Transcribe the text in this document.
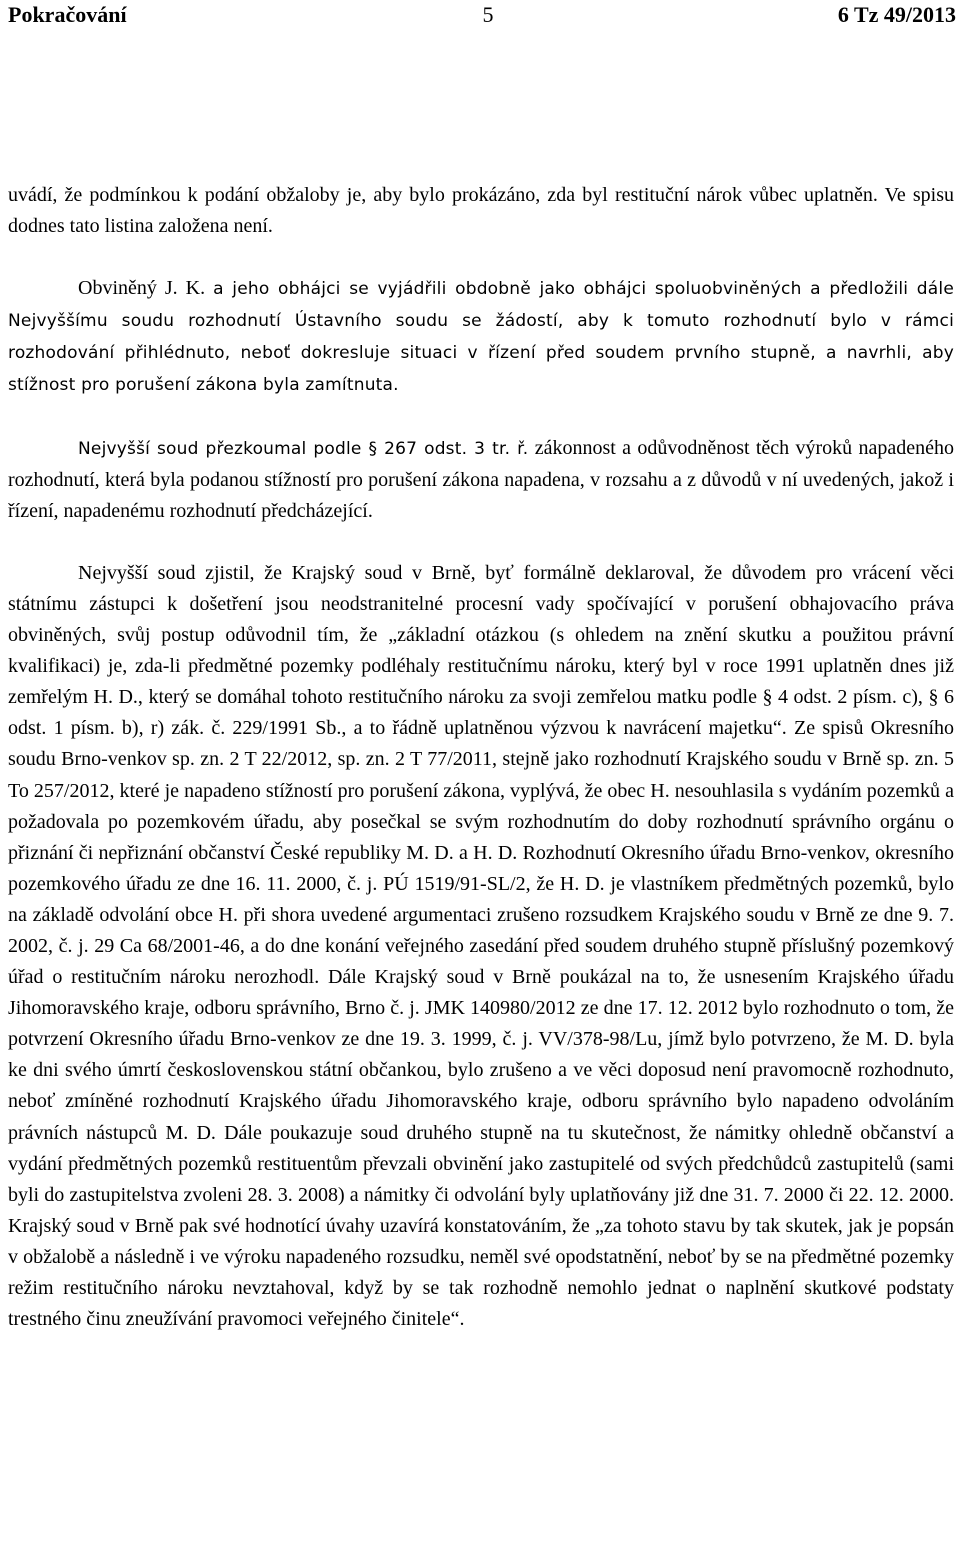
Pokračování	5	6 Tz 49/2013

uvádí, že podmínkou k podání obžaloby je, aby bylo prokázáno, zda byl restituční nárok vůbec uplatněn. Ve spisu dodnes tato listina založena není.

Obviněný J. K. a jeho obhájci se vyjádřili obdobně jako obhájci spoluobviněných a předložili dále Nejvyššímu soudu rozhodnutí Ústavního soudu se žádostí, aby k tomuto rozhodnutí bylo v rámci rozhodování přihlédnuto, neboť dokresluje situaci v řízení před soudem prvního stupně, a navrhli, aby stížnost pro porušení zákona byla zamítnuta.

Nejvyšší soud přezkoumal podle § 267 odst. 3 tr. ř. zákonnost a odůvodněnost těch výroků napadeného rozhodnutí, která byla podanou stížností pro porušení zákona napadena, v rozsahu a z důvodů v ní uvedených, jakož i řízení, napadenému rozhodnutí předcházející.

Nejvyšší soud zjistil, že Krajský soud v Brně, byť formálně deklaroval, že důvodem pro vrácení věci státnímu zástupci k došetření jsou neodstranitelné procesní vady spočívající v porušení obhajovacího práva obviněných, svůj postup odůvodnil tím, že „základní otázkou (s ohledem na znění skutku a použitou právní kvalifikaci) je, zda-li předmětné pozemky podléhaly restitučnímu nároku, který byl v roce 1991 uplatněn dnes již zemřelým H. D., který se domáhal tohoto restitučního nároku za svoji zemřelou matku podle § 4 odst. 2 písm. c), § 6 odst. 1 písm. b), r) zák. č. 229/1991 Sb., a to řádně uplatněnou výzvou k navrácení majetku“. Ze spisů Okresního soudu Brno-venkov sp. zn. 2 T 22/2012, sp. zn. 2 T 77/2011, stejně jako rozhodnutí Krajského soudu v Brně sp. zn. 5 To 257/2012, které je napadeno stížností pro porušení zákona, vyplývá, že obec H. nesouhlasila s vydáním pozemků a požadovala po pozemkovém úřadu, aby posečkal se svým rozhodnutím do doby rozhodnutí správního orgánu o přiznání či nepřiznání občanství České republiky M. D. a H. D. Rozhodnutí Okresního úřadu Brno-venkov, okresního pozemkového úřadu ze dne 16. 11. 2000, č. j. PÚ 1519/91-SL/2, že H. D. je vlastníkem předmětných pozemků, bylo na základě odvolání obce H. při shora uvedené argumentaci zrušeno rozsudkem Krajského soudu v Brně ze dne 9. 7. 2002, č. j. 29 Ca 68/2001-46, a do dne konání veřejného zasedání před soudem druhého stupně příslušný pozemkový úřad o restitučním nároku nerozhodl. Dále Krajský soud v Brně poukázal na to, že usnesením Krajského úřadu Jihomoravského kraje, odboru správního, Brno č. j. JMK 140980/2012 ze dne 17. 12. 2012 bylo rozhodnuto o tom, že potvrzení Okresního úřadu Brno-venkov ze dne 19. 3. 1999, č. j. VV/378-98/Lu, jímž bylo potvrzeno, že M. D. byla ke dni svého úmrtí československou státní občankou, bylo zrušeno a ve věci doposud není pravomocně rozhodnuto, neboť zmíněné rozhodnutí Krajského úřadu Jihomoravského kraje, odboru správního bylo napadeno odvoláním právních nástupců M. D. Dále poukazuje soud druhého stupně na tu skutečnost, že námitky ohledně občanství a vydání předmětných pozemků restituentům převzali obvinění jako zastupitelé od svých předchůdců zastupitelů (sami byli do zastupitelstva zvoleni 28. 3. 2008) a námitky či odvolání byly uplatňovány již dne 31. 7. 2000 či 22. 12. 2000. Krajský soud v Brně pak své hodnotící úvahy uzavírá konstatováním, že „za tohoto stavu by tak skutek, jak je popsán v obžalobě a následně i ve výroku napadeného rozsudku, neměl své opodstatnění, neboť by se na předmětné pozemky režim restitučního nároku nevztahoval, když by se tak rozhodně nemohlo jednat o naplnění skutkové podstaty trestného činu zneužívání pravomoci veřejného činitele“.
